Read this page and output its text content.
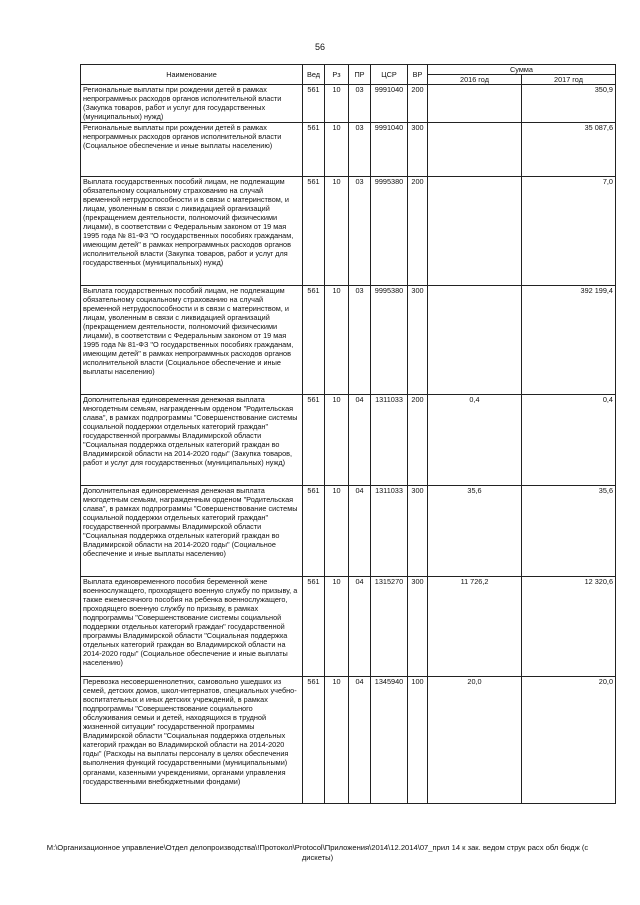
56
Наименование	Вед	Рз	ПР	ЦСР	ВР	Сумма	
						2016 год	2017 год
Региональные выплаты при рождении детей в рамках непрограммных расходов органов исполнительной власти (Закупка товаров, работ и услуг для государственных (муниципальных) нужд)	561	10	03	9991040	200		350,9
Региональные выплаты при рождении детей в рамках непрограммных расходов органов исполнительной власти (Социальное обеспечение и иные выплаты населению)	561	10	03	9991040	300		35 087,6
Выплата государственных пособий лицам, не подлежащим обязательному социальному страхованию на случай временной нетрудоспособности и в связи с материнством, и лицам, уволенным в связи с ликвидацией организаций (прекращением деятельности, полномочий физическими лицами), в соответствии с Федеральным законом от 19 мая 1995 года № 81-ФЗ "О государственных пособиях гражданам, имеющим детей" в рамках непрограммных расходов органов исполнительной власти (Закупка товаров, работ и услуг для государственных (муниципальных) нужд)	561	10	03	9995380	200		7,0
Выплата государственных пособий лицам, не подлежащим обязательному социальному страхованию на случай временной нетрудоспособности и в связи с материнством, и лицам, уволенным в связи с ликвидацией организаций (прекращением деятельности, полномочий физическими лицами), в соответствии с Федеральным законом от 19 мая 1995 года № 81-ФЗ "О государственных пособиях гражданам, имеющим детей" в рамках непрограммных расходов органов исполнительной власти (Социальное обеспечение и иные выплаты населению)	561	10	03	9995380	300		392 199,4
Дополнительная единовременная денежная выплата многодетным семьям, награжденным орденом "Родительская слава", в рамках подпрограммы "Совершенствование системы социальной поддержки отдельных категорий граждан" государственной программы Владимирской области "Социальная поддержка отдельных категорий граждан во Владимирской области на 2014-2020 годы" (Закупка товаров, работ и услуг для государственных (муниципальных) нужд)	561	10	04	1311033	200	0,4	0,4
Дополнительная единовременная денежная выплата многодетным семьям, награжденным орденом "Родительская слава", в рамках подпрограммы "Совершенствование системы социальной поддержки отдельных категорий граждан" государственной программы Владимирской области "Социальная поддержка отдельных категорий граждан во Владимирской области на 2014-2020 годы" (Социальное обеспечение и иные выплаты населению)	561	10	04	1311033	300	35,6	35,6
Выплата единовременного пособия беременной жене военнослужащего, проходящего военную службу по призыву, а также ежемесячного пособия на ребенка военнослужащего, проходящего военную службу по призыву, в рамках подпрограммы "Совершенствование системы социальной поддержки отдельных категорий граждан" государственной программы Владимирской области "Социальная поддержка отдельных категорий граждан во Владимирской области на 2014-2020 годы" (Социальное обеспечение и иные выплаты населению)	561	10	04	1315270	300	11 726,2	12 320,6
Перевозка несовершеннолетних, самовольно ушедших из семей, детских домов, школ-интернатов, специальных учебно-воспитательных и иных детских учреждений, в рамках подпрограммы "Совершенствование социального обслуживания семьи и детей, находящихся в трудной жизненной ситуации" государственной программы Владимирской области "Социальная поддержка отдельных категорий граждан во Владимирской области на 2014-2020 годы" (Расходы на выплаты персоналу в целях обеспечения выполнения функций государственными (муниципальными) органами, казенными учреждениями, органами управления государственными внебюджетными фондами)	561	10	04	1345940	100	20,0	20,0
M:\Организационное управление\Отдел делопроизводства\!Протокол\Protocol\Приложения\2014\12.2014\07_прил 14 к зак. ведом струк расх обл бюдж (с дискеты)
